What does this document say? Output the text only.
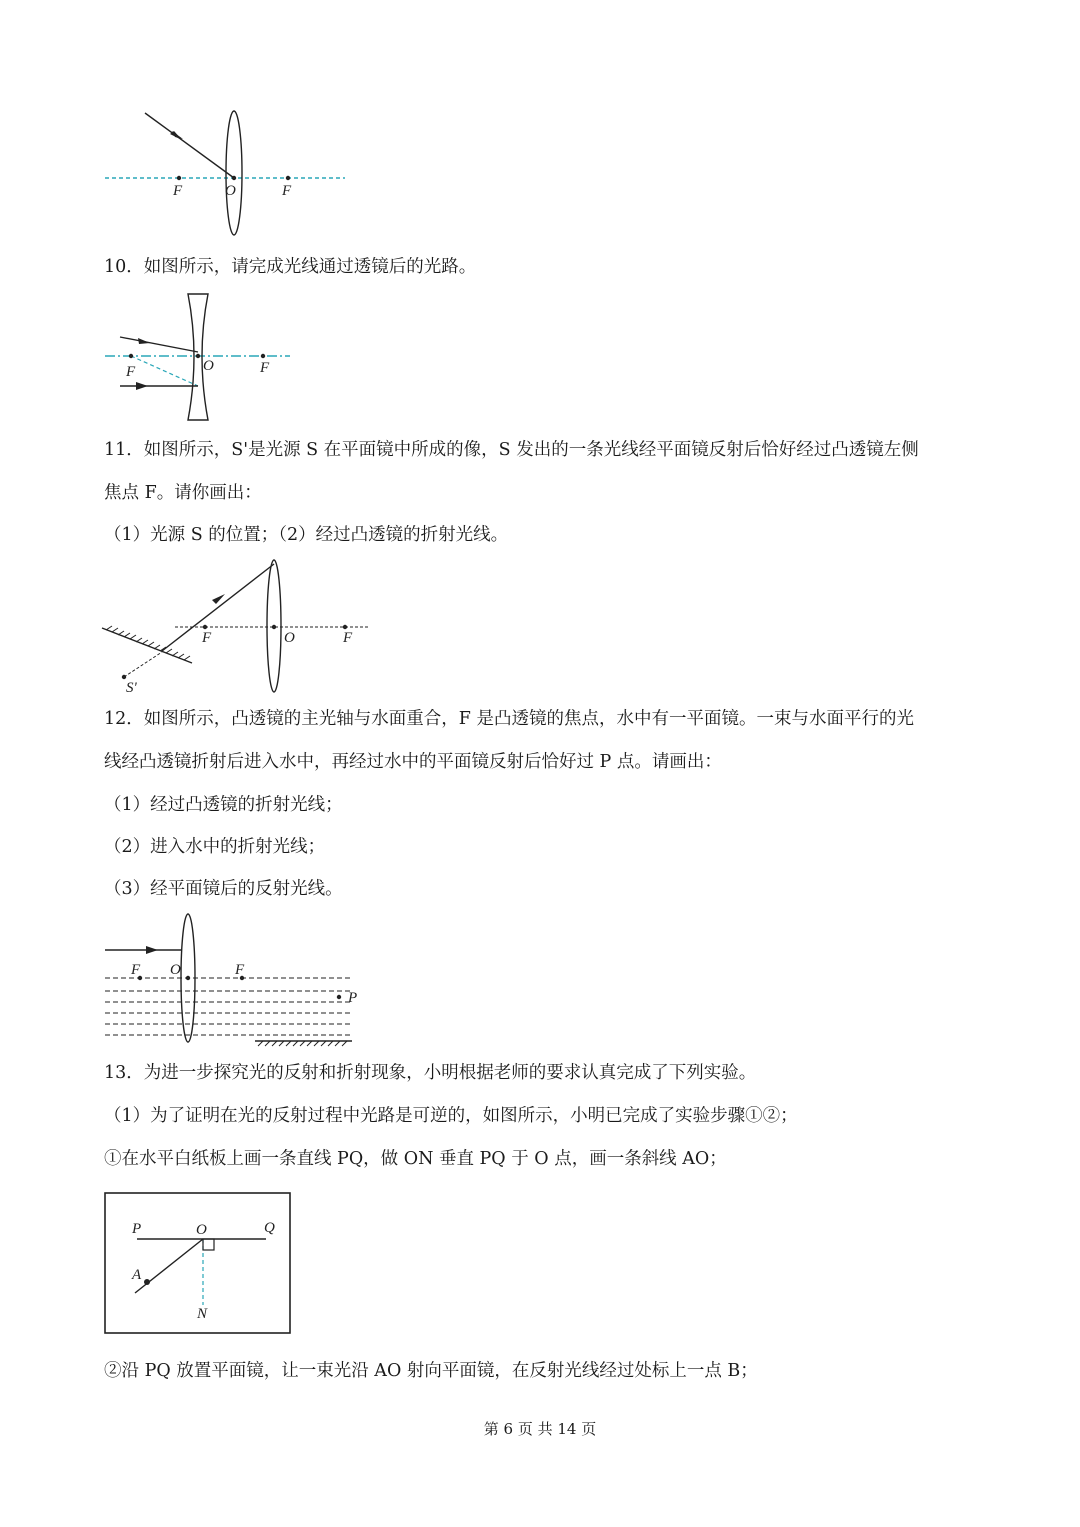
F	O	F
10．如图所示，请完成光线通过透镜后的光路。
F	O	F
11．如图所示，S'是光源 S 在平面镜中所成的像，S 发出的一条光线经平面镜反射后恰好经过凸透镜左侧
焦点 F。请你画出：
（1）光源 S 的位置；（2）经过凸透镜的折射光线。
F	O	F
S'
12．如图所示，凸透镜的主光轴与水面重合，F 是凸透镜的焦点，水中有一平面镜。一束与水面平行的光
线经凸透镜折射后进入水中，再经过水中的平面镜反射后恰好过 P 点。请画出：
（1）经过凸透镜的折射光线；
（2）进入水中的折射光线；
（3）经平面镜后的反射光线。
F O	F
P
13．为进一步探究光的反射和折射现象，小明根据老师的要求认真完成了下列实验。
（1）为了证明在光的反射过程中光路是可逆的，如图所示，小明已完成了实验步骤①②；
①在水平白纸板上画一条直线 PQ，做 ON 垂直 PQ 于 O 点，画一条斜线 AO；
P	O	Q
A
N
②沿 PQ 放置平面镜，让一束光沿 AO 射向平面镜，在反射光线经过处标上一点 B；
第 6 页 共 14 页
